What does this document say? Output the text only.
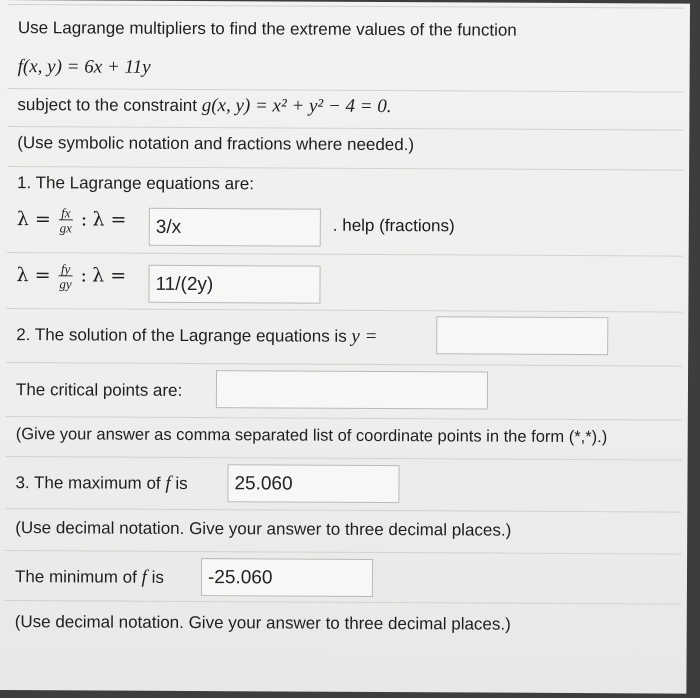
Use Lagrange multipliers to find the extreme values of the function
f(x, y) = 6x + 11y
subject to the constraint g(x, y) = x² + y² − 4 = 0.
(Use symbolic notation and fractions where needed.)
1. The Lagrange equations are:
$\lambda = \frac{fx}{gx}$ : λ =	3/x	. help (fractions)
$\lambda = \frac{fy}{gy}$ : λ =	11/(2y)
2. The solution of the Lagrange equations is y =
The critical points are:
(Give your answer as comma separated list of coordinate points in the form (*,*).)
3. The maximum of f is	25.060
(Use decimal notation. Give your answer to three decimal places.)
The minimum of f is	-25.060
(Use decimal notation. Give your answer to three decimal places.)
